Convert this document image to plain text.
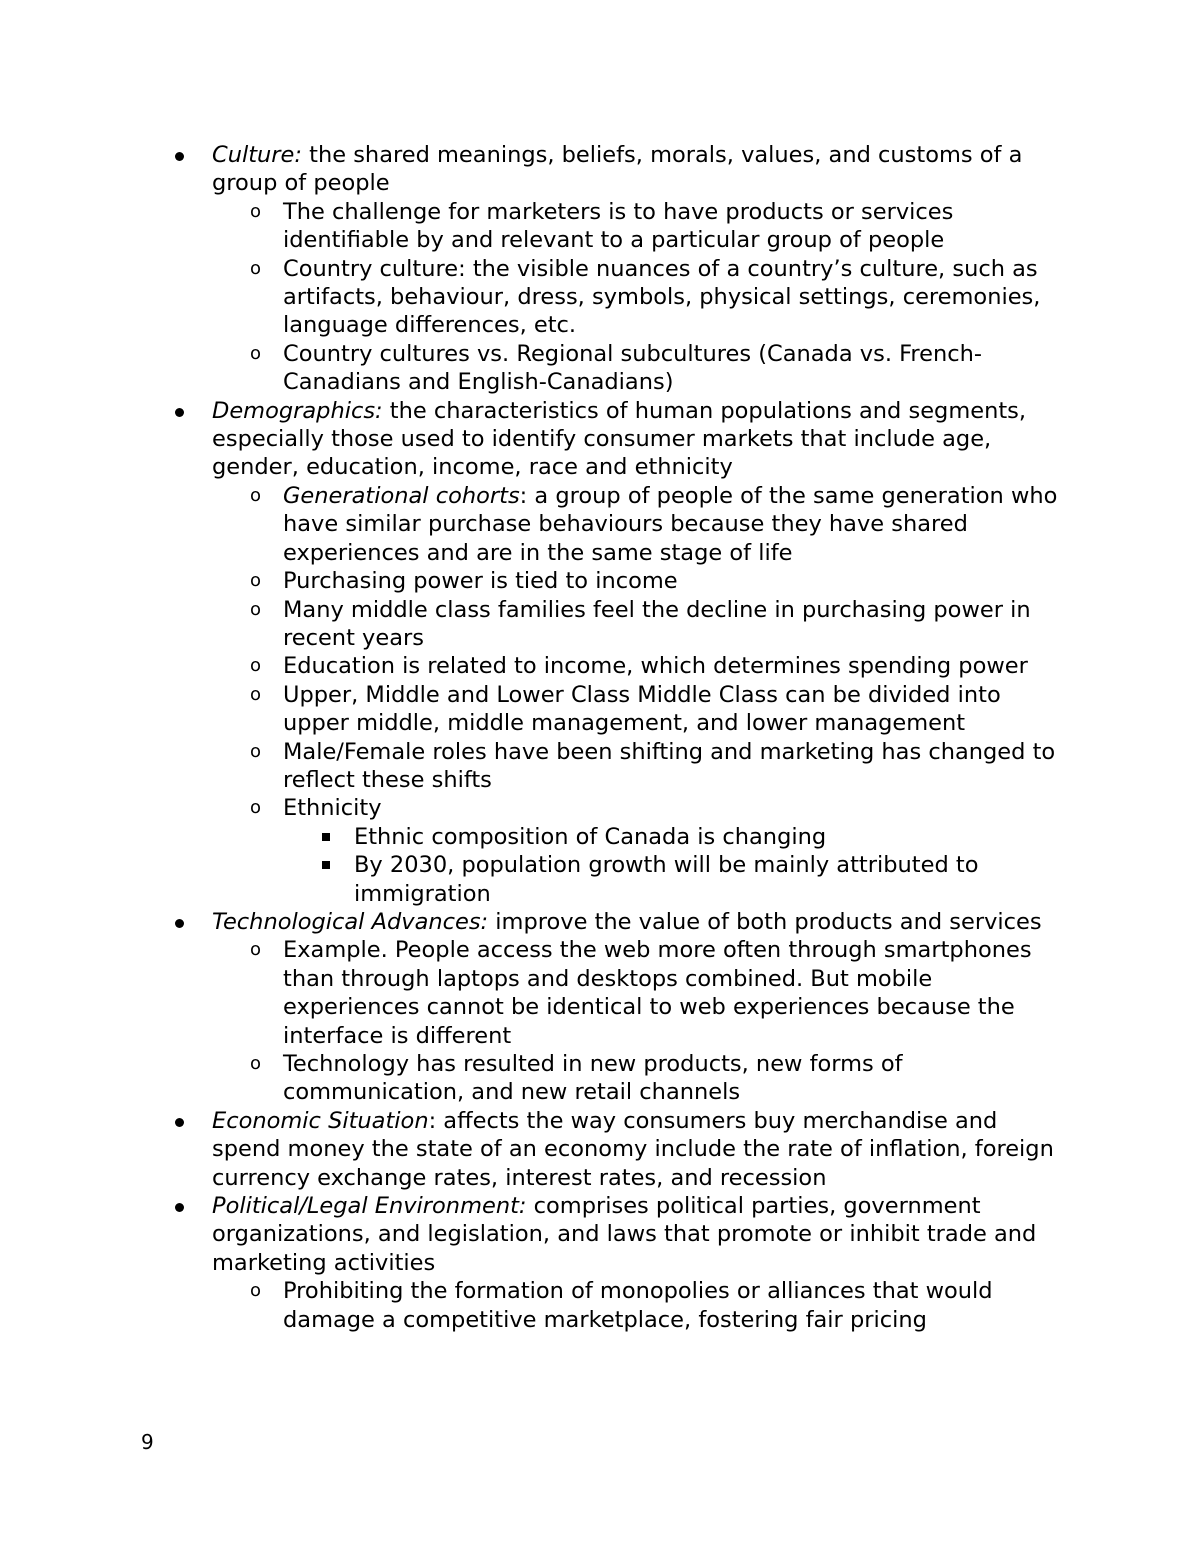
Culture: the shared meanings, beliefs, morals, values, and customs of a group of people
The challenge for marketers is to have products or services identifiable by and relevant to a particular group of people
Country culture: the visible nuances of a country’s culture, such as artifacts, behaviour, dress, symbols, physical settings, ceremonies, language differences, etc.
Country cultures vs. Regional subcultures (Canada vs. French-Canadians and English-Canadians)
Demographics: the characteristics of human populations and segments, especially those used to identify consumer markets that include age, gender, education, income, race and ethnicity
Generational cohorts: a group of people of the same generation who have similar purchase behaviours because they have shared experiences and are in the same stage of life
Purchasing power is tied to income
Many middle class families feel the decline in purchasing power in recent years
Education is related to income, which determines spending power
Upper, Middle and Lower Class Middle Class can be divided into upper middle, middle management, and lower management
Male/Female roles have been shifting and marketing has changed to reflect these shifts
Ethnicity
Ethnic composition of Canada is changing
By 2030, population growth will be mainly attributed to immigration
Technological Advances: improve the value of both products and services
Example. People access the web more often through smartphones than through laptops and desktops combined. But mobile experiences cannot be identical to web experiences because the interface is different
Technology has resulted in new products, new forms of communication, and new retail channels
Economic Situation: affects the way consumers buy merchandise and spend money the state of an economy include the rate of inflation, foreign currency exchange rates, interest rates, and recession
Political/Legal Environment: comprises political parties, government organizations, and legislation, and laws that promote or inhibit trade and marketing activities
Prohibiting the formation of monopolies or alliances that would damage a competitive marketplace, fostering fair pricing
9
